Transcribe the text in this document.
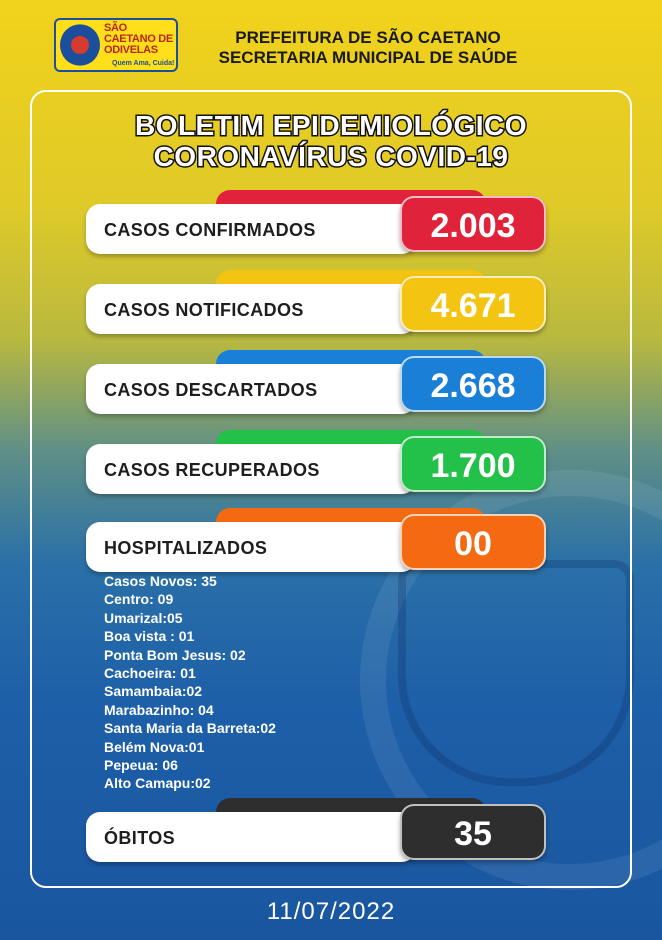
SÃO CAETANO DE ODIVELAS
Quem Ama, Cuida!
PREFEITURA DE SÃO CAETANO
SECRETARIA MUNICIPAL DE SAÚDE
BOLETIM EPIDEMIOLÓGICO
CORONAVÍRUS COVID-19
CASOS CONFIRMADOS	2.003
CASOS NOTIFICADOS	4.671
CASOS DESCARTADOS	2.668
CASOS RECUPERADOS	1.700
HOSPITALIZADOS	00
Casos Novos: 35
Centro: 09
Umarizal:05
Boa vista : 01
Ponta Bom Jesus: 02
Cachoeira: 01
Samambaia:02
Marabazinho: 04
Santa Maria da Barreta:02
Belém Nova:01
Pepeua: 06
Alto Camapu:02
ÓBITOS	35
11/07/2022
